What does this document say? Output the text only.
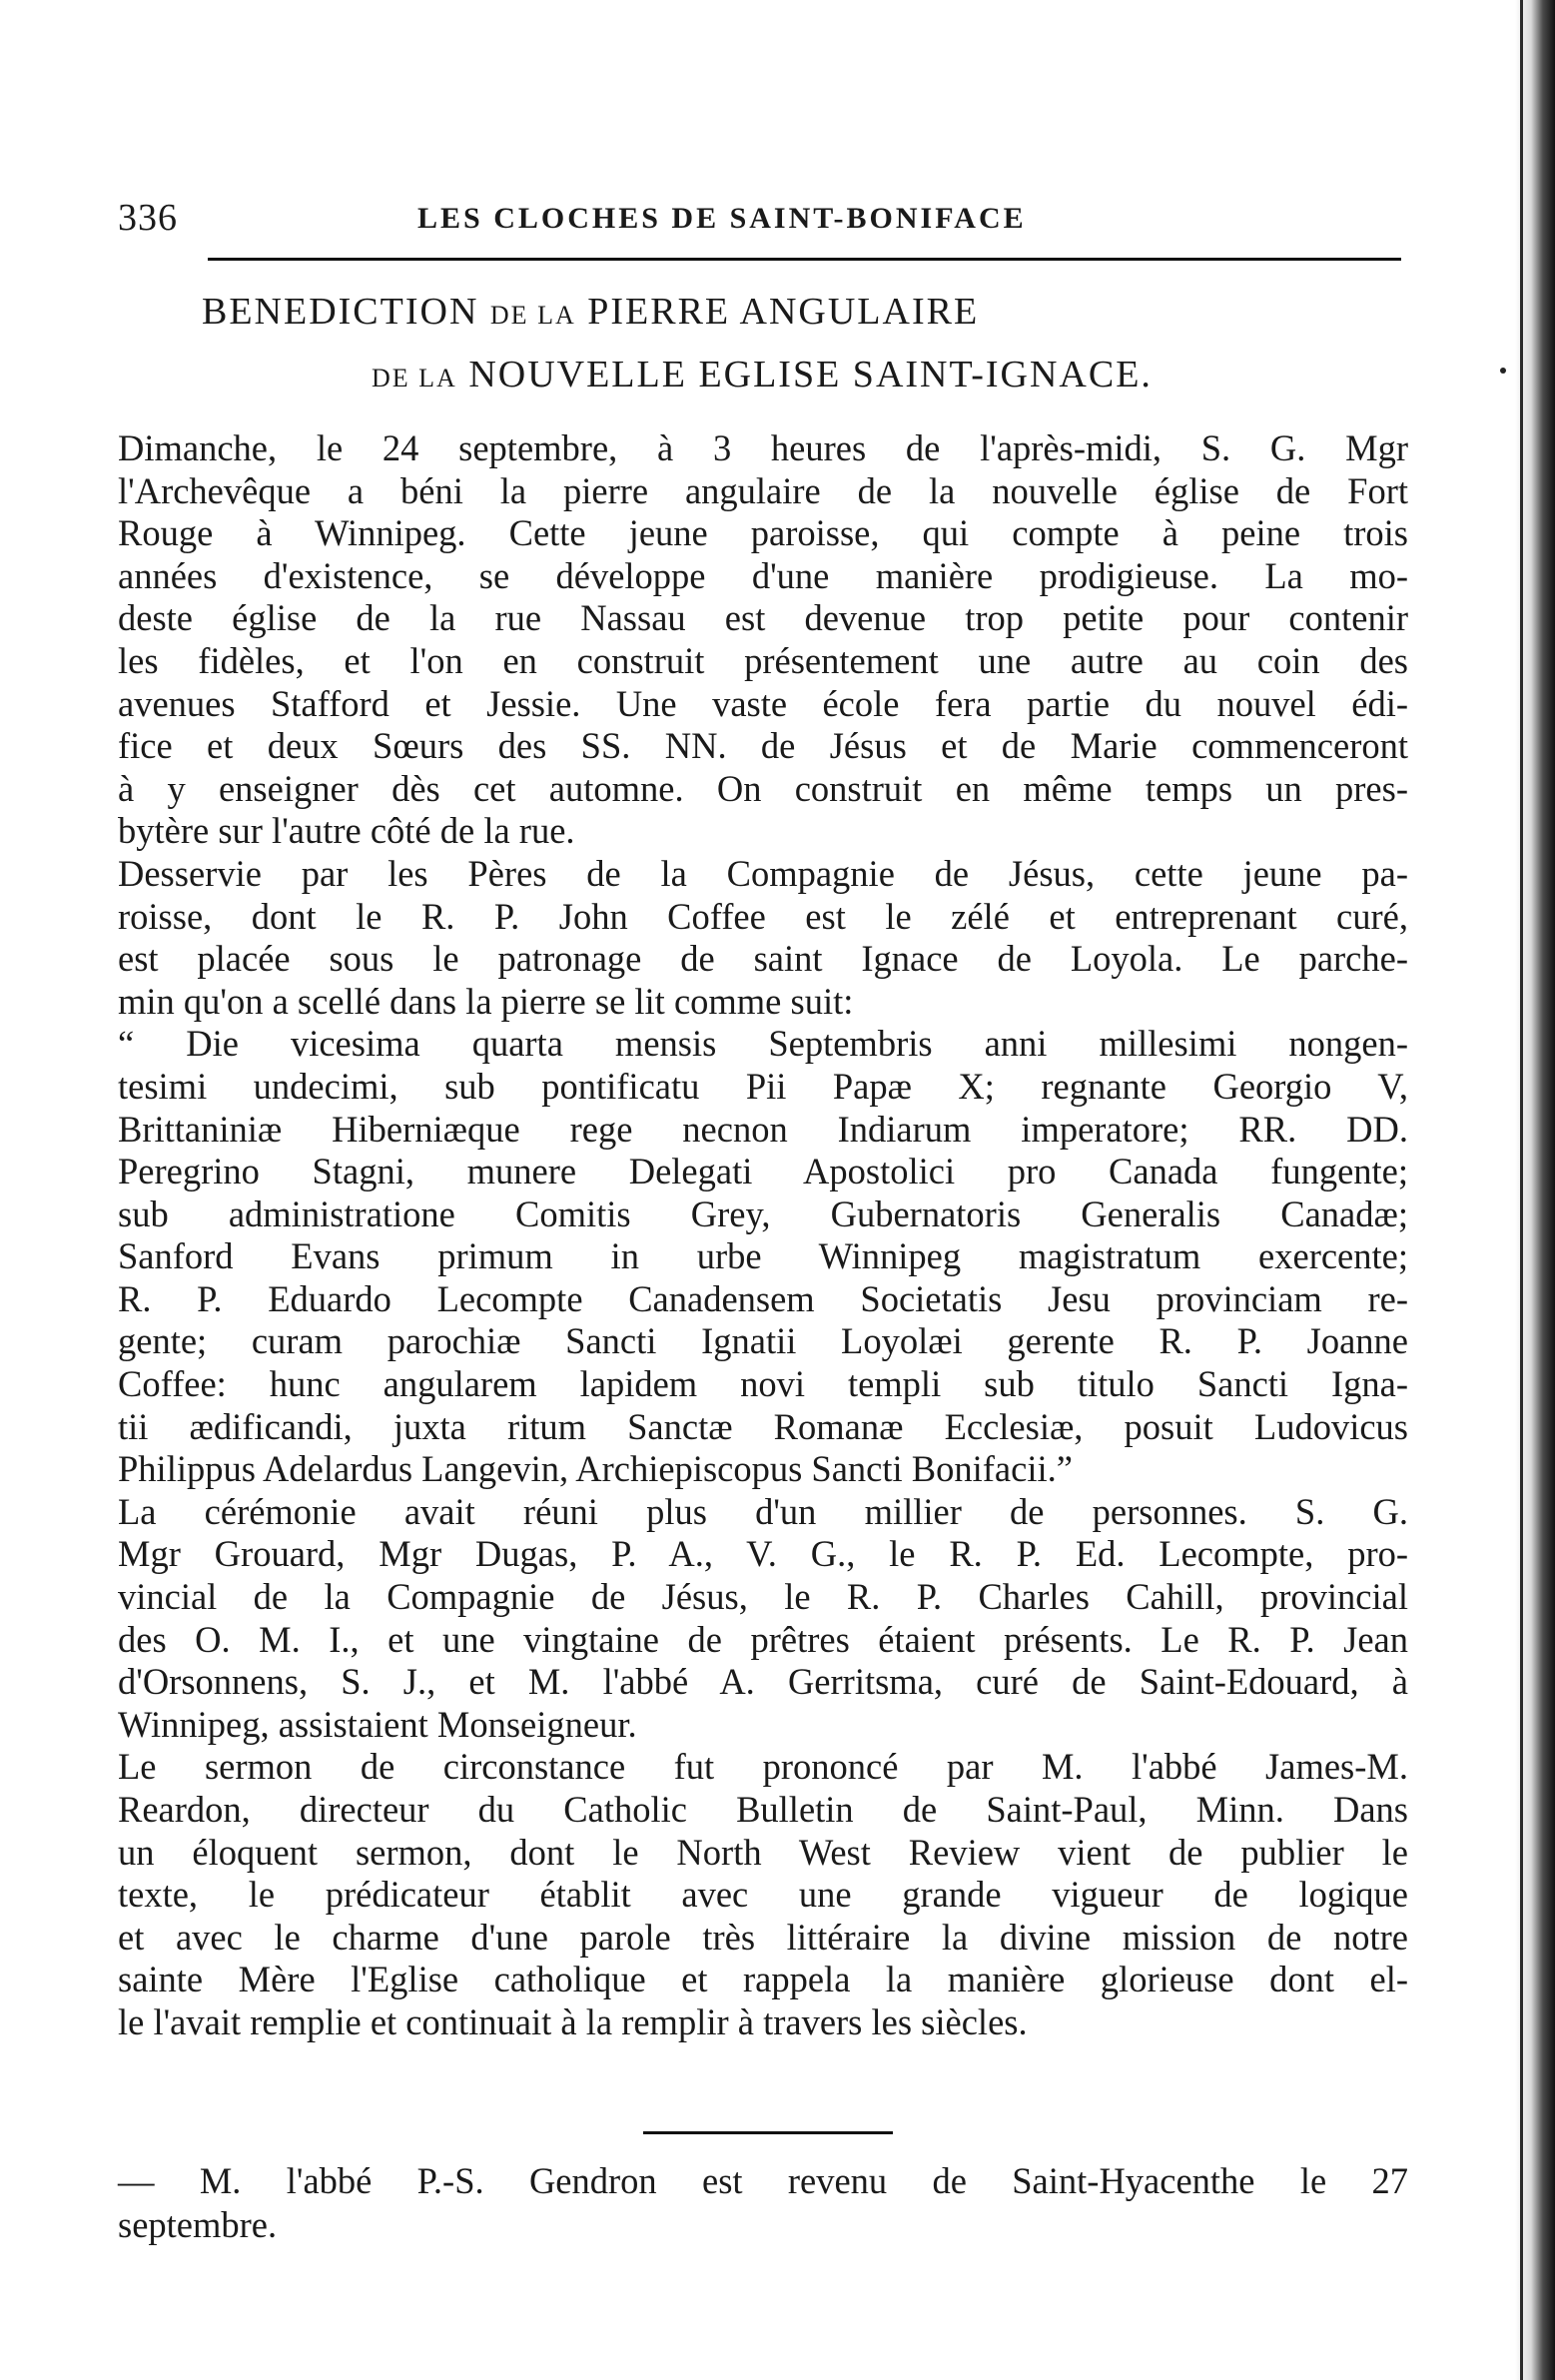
336	LES CLOCHES DE SAINT-BONIFACE
BENEDICTION DE LA PIERRE ANGULAIRE
DE LA NOUVELLE EGLISE SAINT-IGNACE.
Dimanche, le 24 septembre, à 3 heures de l'après-midi, S. G. Mgr
l'Archevêque a béni la pierre angulaire de la nouvelle église de Fort
Rouge à Winnipeg. Cette jeune paroisse, qui compte à peine trois
années d'existence, se développe d'une manière prodigieuse. La mo-
deste église de la rue Nassau est devenue trop petite pour contenir
les fidèles, et l'on en construit présentement une autre au coin des
avenues Stafford et Jessie. Une vaste école fera partie du nouvel édi-
fice et deux Sœurs des SS. NN. de Jésus et de Marie commenceront
à y enseigner dès cet automne. On construit en même temps un pres-
bytère sur l'autre côté de la rue.
Desservie par les Pères de la Compagnie de Jésus, cette jeune pa-
roisse, dont le R. P. John Coffee est le zélé et entreprenant curé,
est placée sous le patronage de saint Ignace de Loyola. Le parche-
min qu'on a scellé dans la pierre se lit comme suit:
“ Die vicesima quarta mensis Septembris anni millesimi nongen-
tesimi undecimi, sub pontificatu Pii Papæ X; regnante Georgio V,
Brittaniniæ Hiberniæque rege necnon Indiarum imperatore; RR. DD.
Peregrino Stagni, munere Delegati Apostolici pro Canada fungente;
sub administratione Comitis Grey, Gubernatoris Generalis Canadæ;
Sanford Evans primum in urbe Winnipeg magistratum exercente;
R. P. Eduardo Lecompte Canadensem Societatis Jesu provinciam re-
gente; curam parochiæ Sancti Ignatii Loyolæi gerente R. P. Joanne
Coffee: hunc angularem lapidem novi templi sub titulo Sancti Igna-
tii ædificandi, juxta ritum Sanctæ Romanæ Ecclesiæ, posuit Ludovicus
Philippus Adelardus Langevin, Archiepiscopus Sancti Bonifacii.”
La cérémonie avait réuni plus d'un millier de personnes. S. G.
Mgr Grouard, Mgr Dugas, P. A., V. G., le R. P. Ed. Lecompte, pro-
vincial de la Compagnie de Jésus, le R. P. Charles Cahill, provincial
des O. M. I., et une vingtaine de prêtres étaient présents. Le R. P. Jean
d'Orsonnens, S. J., et M. l'abbé A. Gerritsma, curé de Saint-Edouard, à
Winnipeg, assistaient Monseigneur.
Le sermon de circonstance fut prononcé par M. l'abbé James-M.
Reardon, directeur du Catholic Bulletin de Saint-Paul, Minn. Dans
un éloquent sermon, dont le North West Review vient de publier le
texte, le prédicateur établit avec une grande vigueur de logique
et avec le charme d'une parole très littéraire la divine mission de notre
sainte Mère l'Eglise catholique et rappela la manière glorieuse dont el-
le l'avait remplie et continuait à la remplir à travers les siècles.
— M. l'abbé P.-S. Gendron est revenu de Saint-Hyacenthe le 27
septembre.
